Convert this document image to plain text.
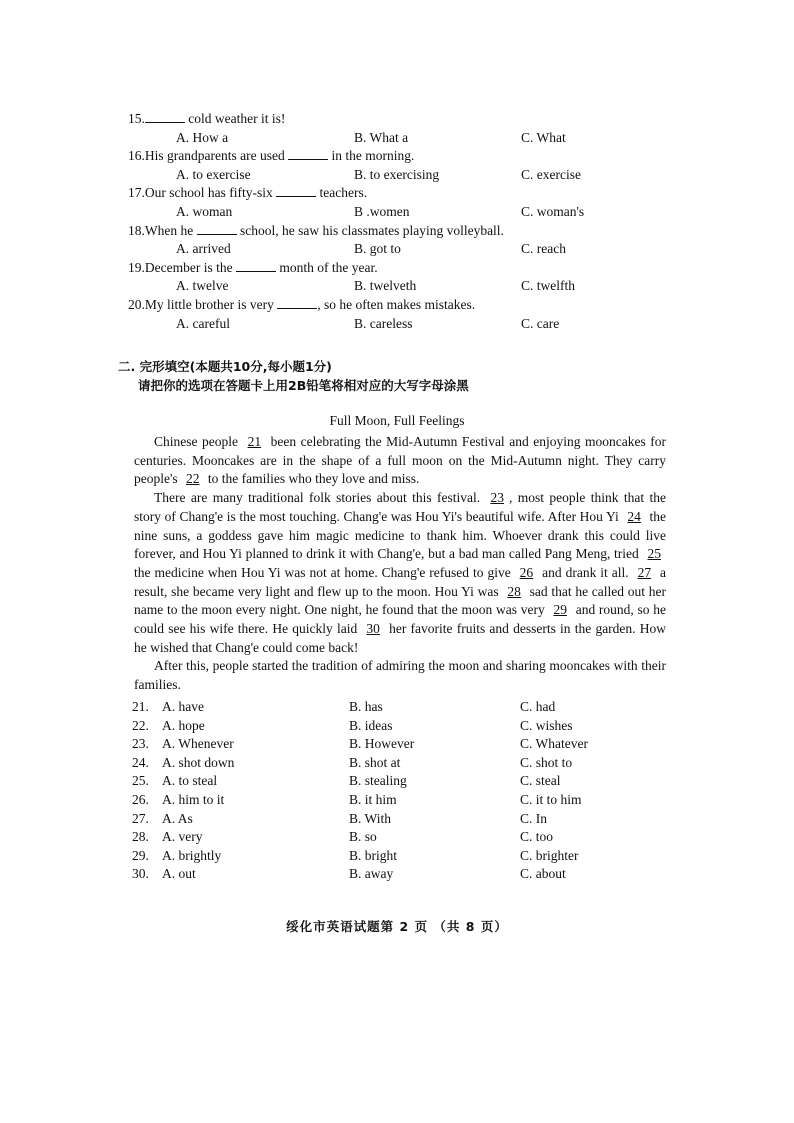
15.	cold weather it is!
A. How a	B. What a	C. What
16.His grandparents are used	in the morning.
A. to exercise	B. to exercising	C. exercise
17.Our school has fifty-six	teachers.
A. woman	B .women	C. woman's
18.When he	school, he saw his classmates playing volleyball.
A. arrived	B. got to	C. reach
19.December is the	month of the year.
A. twelve	B. twelveth	C. twelfth
20.My little brother is very	, so he often makes mistakes.
A. careful	B. careless	C. care
二. 完形填空(本题共10分,每小题1分)
请把你的选项在答题卡上用2B铅笔将相对应的大写字母涂黑
Full Moon, Full Feelings

Chinese people 21 been celebrating the Mid-Autumn Festival and enjoying mooncakes for centuries. Mooncakes are in the shape of a full moon on the Mid-Autumn night. They carry people's 22 to the families who they love and miss.

There are many traditional folk stories about this festival. 23 , most people think that the story of Chang'e is the most touching. Chang'e was Hou Yi's beautiful wife. After Hou Yi 24 the nine suns, a goddess gave him magic medicine to thank him. Whoever drank this could live forever, and Hou Yi planned to drink it with Chang'e, but a bad man called Pang Meng, tried 25 the medicine when Hou Yi was not at home. Chang'e refused to give 26 and drank it all. 27 a result, she became very light and flew up to the moon. Hou Yi was 28 sad that he called out her name to the moon every night. One night, he found that the moon was very 29 and round, so he could see his wife there. He quickly laid 30 her favorite fruits and desserts in the garden. How he wished that Chang'e could come back!

After this, people started the tradition of admiring the moon and sharing mooncakes with their families.

21. A. have	B. has	C. had
22. A. hope	B. ideas	C. wishes
23. A. Whenever	B. However	C. Whatever
24. A. shot down	B. shot at	C. shot to
25. A. to steal	B. stealing	C. steal
26. A. him to it	B. it him	C. it to him
27. A. As	B. With	C. In
28. A. very	B. so	C. too
29. A. brightly	B. bright	C. brighter
30. A. out	B. away	C. about
绥化市英语试题第 2 页 （共 8 页）
